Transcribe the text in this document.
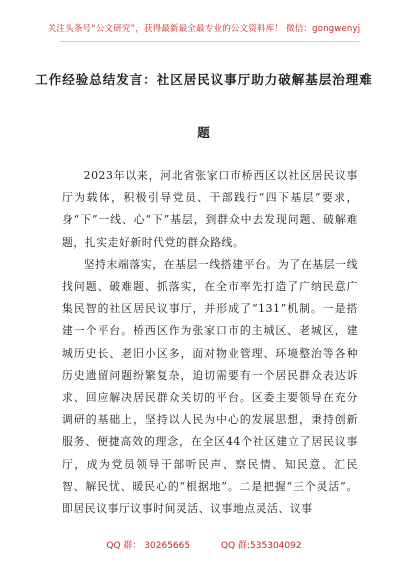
关注头条号“公文研究”，获得最新最全最专业的公文资料库！ 微信：gongwenyj
工作经验总结发言：社区居民议事厅助力破解基层治理难
题

2023年以来，河北省张家口市桥西区以社区居民议事厅为载体，积极引导党员、干部践行“四下基层”要求，身“下”一线、心“下”基层，到群众中去发现问题、破解难题，扎实走好新时代党的群众路线。

坚持末端落实，在基层一线搭建平台。为了在基层一线找问题、破难题、抓落实，在全市率先打造了广纳民意广集民智的社区居民议事厅，并形成了“131”机制。一是搭建一个平台。桥西区作为张家口市的主城区、老城区，建城历史长、老旧小区多，面对物业管理、环境整治等各种历史遗留问题纷繁复杂，迫切需要有一个居民群众表达诉求、回应解决居民群众关切的平台。区委主要领导在充分调研的基础上，坚持以人民为中心的发展思想，秉持创新服务、便捷高效的理念，在全区44个社区建立了居民议事厅，成为党员领导干部听民声、察民情、知民意、汇民智、解民忧、暖民心的“根据地”。二是把握“三个灵活”。即居民议事厅议事时间灵活、议事地点灵活、议事

QQ 群： 30265665	QQ 群:535304092
